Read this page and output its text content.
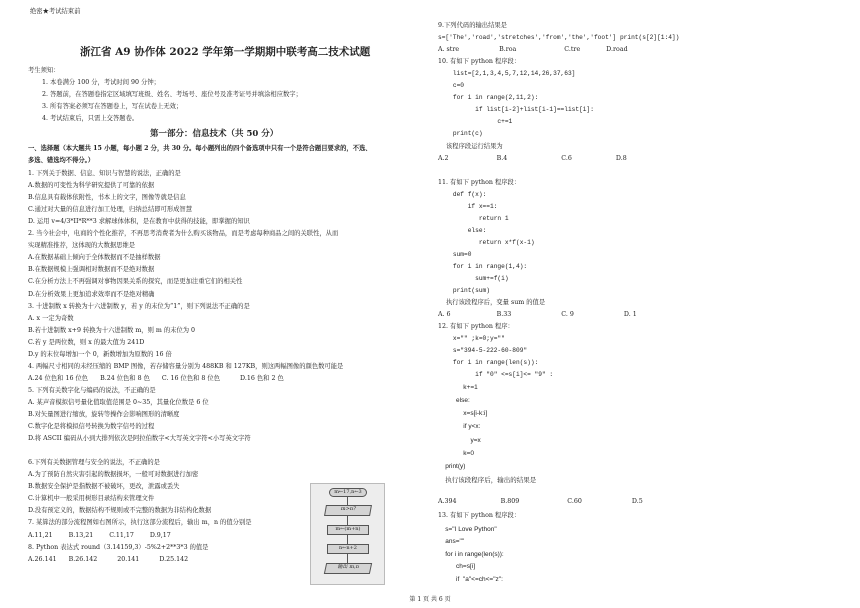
绝密★考试结束前
浙江省 A9 协作体 2022 学年第一学期期中联考高二技术试题
考生须知：
1. 本卷满分 100 分，考试时间 90 分钟；
2. 答题前，在答题卷指定区域填写班级、姓名、考场号、座位号及准考证号并填涂相应数字；
3. 所有答案必须写在答题卷上，写在试卷上无效；
4. 考试结束后，只需上交答题卷。
第一部分：信息技术（共 50 分）
一、选择题（本大题共 15 小题，每小题 2 分，共 30 分。每小题列出的四个备选项中只有一个是符合题目要求的，不选、
多选、错选均不得分。）
1. 下列关于数据、信息、知识与智慧的说法，正确的是
A.数据的可变性为科学研究提供了可靠的依据
B.信息具有载体依附性，书本上的文字，图像等就是信息
C.通过对大量的信息进行加工处理，归纳总结即可形成智慧
D. 运用 v=4/3*II*R**3 求解球体体积，是在教育中获得的技能，即掌握的知识
2. 当今社会中，电商的个性化推荐，不再思考消费者为什么购买该物品，而是考虑每种商品之间的关联性，从而
实现精准推荐，这体现的大数据思维是
A.在数据基础上倾向于全体数据而不是抽样数据
B.在数据规模上强调相对数据而不是绝对数据
C.在分析方法上不再强调对事物因果关系的探究，而是更加注重它们的相关性
D.在分析效果上更加追求效率而不是绝对精确
3. 十进制数 x 转换为十六进制数 y，若 y 的末位为“1”，则下列说法不正确的是
A. x 一定为奇数
B.若十进制数 x+9 转换为十六进制数 m，则 m 的末位为 0
C.若 y 是两位数，则 x 的最大值为 241D
D.y 的末位每增加一个 0，新数增加为原数的 16 倍
4. 两幅尺寸相同的未经压缩的 BMP 图像，若存储容量分别为 488KB 和 127KB，则这两幅图像的颜色数可能是
A.24 位色和 16 位色      B.24 位色和 8 色      C. 16 位色和 8 位色          D.16 色和 2 色
5. 下列有关数字化与编码的说法，不正确的是
A. 某声音模拟信号量化值取值范围是 0~35，其量化位数是 6 位
B.对矢量图进行缩放，旋转等操作会影响图形的清晰度
C.数字化是将模拟信号转换为数字信号的过程
D.将 ASCII 编码从小到大排列依次是阿拉伯数字<大写英文字符<小写英文字符
6.下列有关数据管理与安全的说法，不正确的是
A.为了预防自然灾害引起的数据损坏，一般可对数据进行加密
B.数据安全保护是指数据不被破坏，更改，泄露或丢失
C.计算机中一般采用树形目录结构来管理文件
D.没有预定义的，数据结构不规则或不完整的数据为非结构化数据
7. 某算法的部分流程图如右图所示，执行这部分流程后，输出 m，n 的值分别是
A.11,21        B.13,21        C.11,17        D.9,17
8. Python 表达式 round（3.14159,3）-5%2+2**3*3 的值是
A.26.141      B.26.142          20.141          D.25.142
m←17,n←3
m>n?
m←(m+n)
n←n+2
输出 m,n
9.下列代码的输出结果是
s=['The','road','stretches','from','the','foot'] print(s[2][1:4])
A. stre                    B.roa                        C.tre             D.road
10. 有如下 python 程序段：
list=[2,1,3,4,5,7,12,14,26,37,63]
c=0
for i in range(2,11,2):
if list[i-2]+list[i-1]==list[i]:
c+=1
print(c)
该程序段运行结果为
A.2                        B.4                           C.6                      D.8
11. 有如下 python 程序段：
def f(x):
if x==1:
return 1
else:
return x*f(x-1)
sum=0
for i in range(1,4):
sum+=f(i)
print(sum)
执行该段程序后，变量 sum 的值是
A. 6                       B.33                         C. 9                         D. 1
12. 有如下 python 程序：
x="" ;k=0;y=""
s="394-5-222-60-809"
for i in range(len(s)):
if "0" <=s[i]<= "9" :
k+=1
else:
x=s[i-k:i]
if y<x:
y=x
k=0
print(y)
执行该段程序后，输出的结果是
A.394                      B.809                        C.60                         D.5
13. 有如下 python 程序段：
s="I Love Python"
ans=""
for i in range(len(s)):
ch=s[i]
if  "a"<=ch<="z":
第 1 页 共 6 页
